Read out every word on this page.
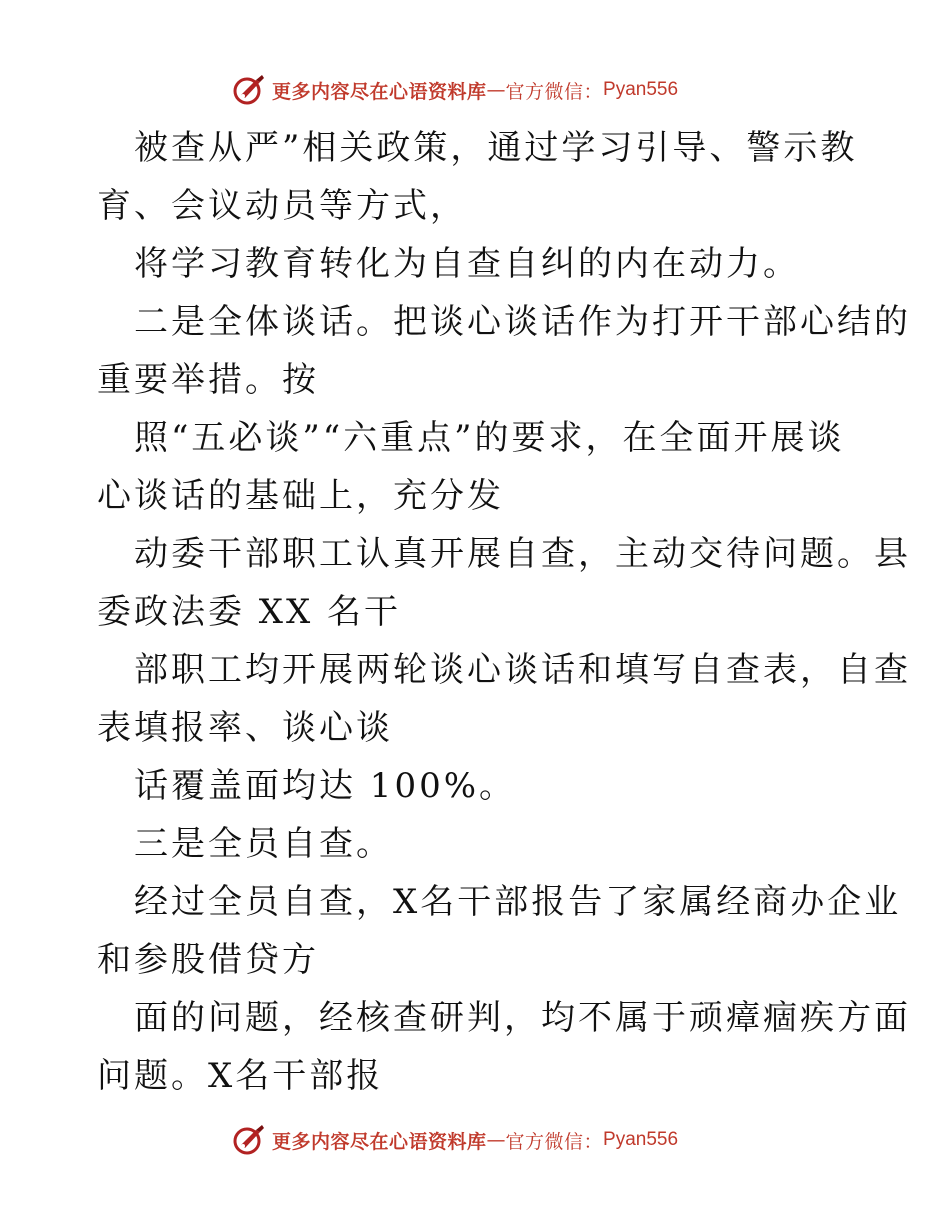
更多内容尽在心语资料库 — 官方微信： Pyan556
被查从严”相关政策，通过学习引导、警示教
育、会议动员等方式，
将学习教育转化为自查自纠的内在动力。
二是全体谈话。把谈心谈话作为打开干部心结的
重要举措。按
照“五必谈”“六重点”的要求，在全面开展谈
心谈话的基础上，充分发
动委干部职工认真开展自查，主动交待问题。县
委政法委 XX 名干
部职工均开展两轮谈心谈话和填写自查表，自查
表填报率、谈心谈
话覆盖面均达 100%。
三是全员自查。
经过全员自查，X名干部报告了家属经商办企业
和参股借贷方
面的问题，经核查研判，均不属于顽瘴痼疾方面
问题。X名干部报
更多内容尽在心语资料库 — 官方微信： Pyan556
